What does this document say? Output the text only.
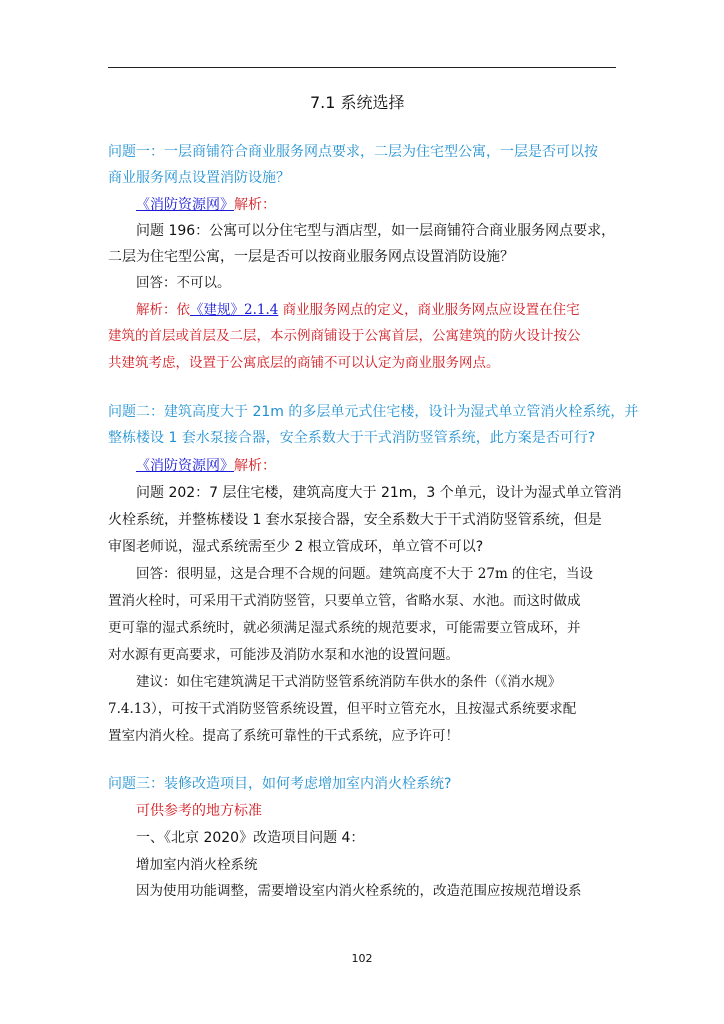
7.1 系统选择
问题一：一层商铺符合商业服务网点要求，二层为住宅型公寓，一层是否可以按
商业服务网点设置消防设施？
《消防资源网》解析：
问题 196：公寓可以分住宅型与酒店型，如一层商铺符合商业服务网点要求，
二层为住宅型公寓，一层是否可以按商业服务网点设置消防设施？
回答：不可以。
解析：依《建规》2.1.4 商业服务网点的定义，商业服务网点应设置在住宅
建筑的首层或首层及二层，本示例商铺设于公寓首层，公寓建筑的防火设计按公
共建筑考虑，设置于公寓底层的商铺不可以认定为商业服务网点。
问题二：建筑高度大于 21m 的多层单元式住宅楼，设计为湿式单立管消火栓系统，并
整栋楼设 1 套水泵接合器，安全系数大于干式消防竖管系统，此方案是否可行?
《消防资源网》解析：
问题 202：7 层住宅楼，建筑高度大于 21m，3 个单元，设计为湿式单立管消
火栓系统，并整栋楼设 1 套水泵接合器，安全系数大于干式消防竖管系统，但是
审图老师说，湿式系统需至少 2 根立管成环，单立管不可以?
回答：很明显，这是合理不合规的问题。建筑高度不大于 27m 的住宅，当设
置消火栓时，可采用干式消防竖管，只要单立管，省略水泵、水池。而这时做成
更可靠的湿式系统时，就必须满足湿式系统的规范要求，可能需要立管成环，并
对水源有更高要求，可能涉及消防水泵和水池的设置问题。
建议：如住宅建筑满足干式消防竖管系统消防车供水的条件（《消水规》
7.4.13），可按干式消防竖管系统设置，但平时立管充水，且按湿式系统要求配
置室内消火栓。提高了系统可靠性的干式系统，应予许可！
问题三：装修改造项目，如何考虑增加室内消火栓系统?
可供参考的地方标准
一、《北京 2020》改造项目问题 4：
增加室内消火栓系统
因为使用功能调整，需要增设室内消火栓系统的，改造范围应按规范增设系
102
